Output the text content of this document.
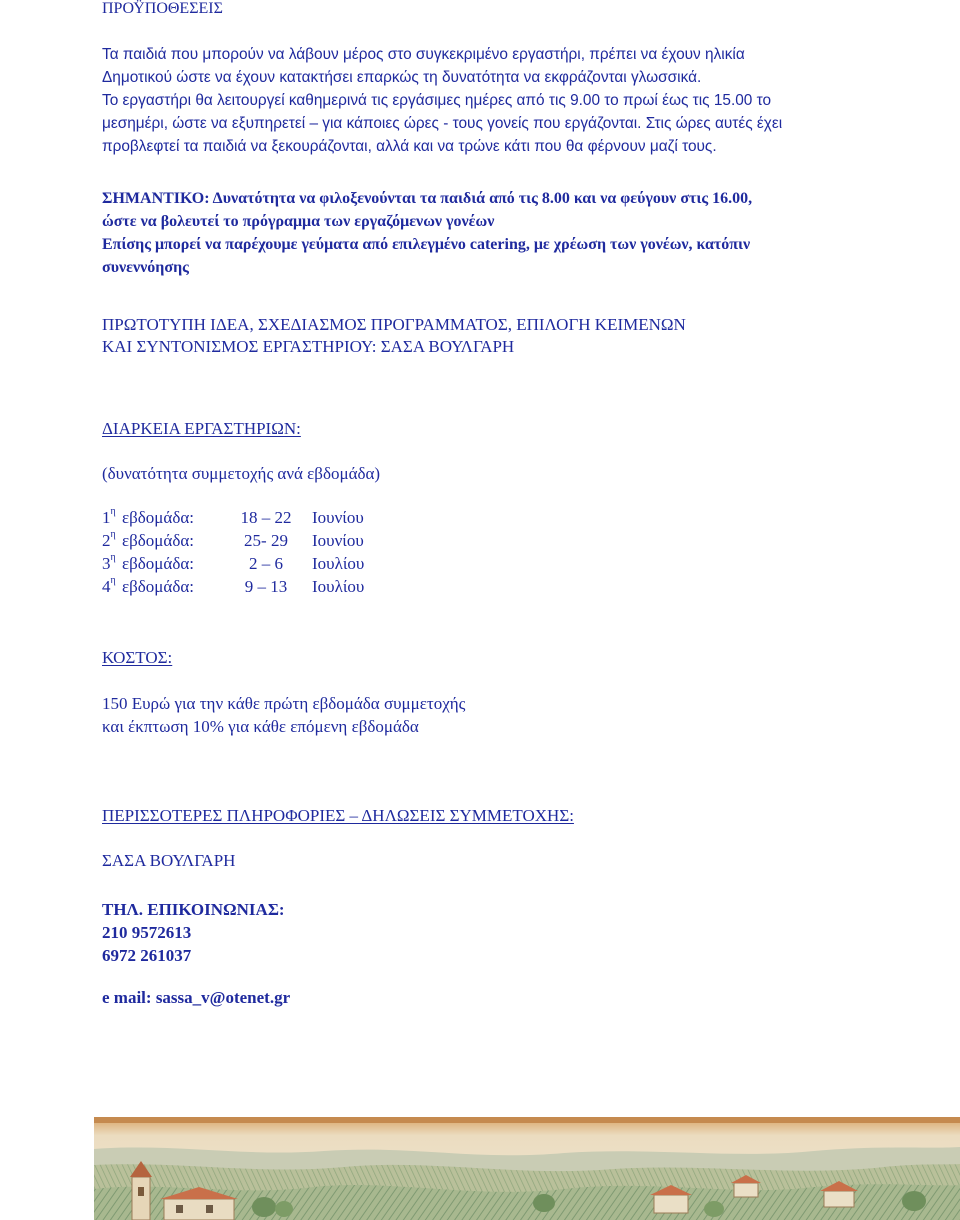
ΠΡΟΫΠΟΘΕΣΕΙΣ
Τα παιδιά που μπορούν να λάβουν μέρος στο συγκεκριμένο εργαστήρι, πρέπει να έχουν ηλικία
Δημοτικού ώστε να έχουν κατακτήσει επαρκώς τη δυνατότητα να εκφράζονται γλωσσικά.
Το εργαστήρι θα λειτουργεί καθημερινά τις εργάσιμες ημέρες από τις 9.00 το πρωί έως τις 15.00 το
μεσημέρι, ώστε να εξυπηρετεί – για κάποιες ώρες - τους γονείς που εργάζονται. Στις ώρες αυτές έχει
προβλεφτεί τα παιδιά να ξεκουράζονται, αλλά και να τρώνε κάτι που θα φέρνουν μαζί τους.
ΣΗΜΑΝΤΙΚΟ: Δυνατότητα να φιλοξενούνται τα παιδιά από τις 8.00 και να φεύγουν στις 16.00,
ώστε να βολευτεί το πρόγραμμα των εργαζόμενων γονέων
Επίσης μπορεί να παρέχουμε γεύματα από επιλεγμένο catering, με χρέωση των γονέων, κατόπιν
συνεννόησης
ΠΡΩΤΟΤΥΠΗ ΙΔΕΑ, ΣΧΕΔΙΑΣΜΟΣ ΠΡΟΓΡΑΜΜΑΤΟΣ, ΕΠΙΛΟΓΗ ΚΕΙΜΕΝΩΝ
ΚΑΙ ΣΥΝΤΟΝΙΣΜΟΣ ΕΡΓΑΣΤΗΡΙΟΥ: ΣΑΣΑ ΒΟΥΛΓΑΡΗ
ΔΙΑΡΚΕΙΑ ΕΡΓΑΣΤΗΡΙΩΝ:
(δυνατότητα συμμετοχής ανά εβδομάδα)
$1^\eta$ εβδομάδα:	18 – 22	Ιουνίου
$2^\eta$ εβδομάδα:	25- 29	Ιουνίου
$3^\eta$ εβδομάδα:	2 – 6	Ιουλίου
$4^\eta$ εβδομάδα:	9 – 13	Ιουλίου
ΚΟΣΤΟΣ:
150 Ευρώ για την κάθε πρώτη εβδομάδα συμμετοχής
και έκπτωση 10% για κάθε επόμενη εβδομάδα
ΠΕΡΙΣΣΟΤΕΡΕΣ ΠΛΗΡΟΦΟΡΙΕΣ – ΔΗΛΩΣΕΙΣ ΣΥΜΜΕΤΟΧΗΣ:
ΣΑΣΑ ΒΟΥΛΓΑΡΗ
ΤΗΛ. ΕΠΙΚΟΙΝΩΝΙΑΣ:
210 9572613
6972 261037
e mail: sassa_v@otenet.gr
